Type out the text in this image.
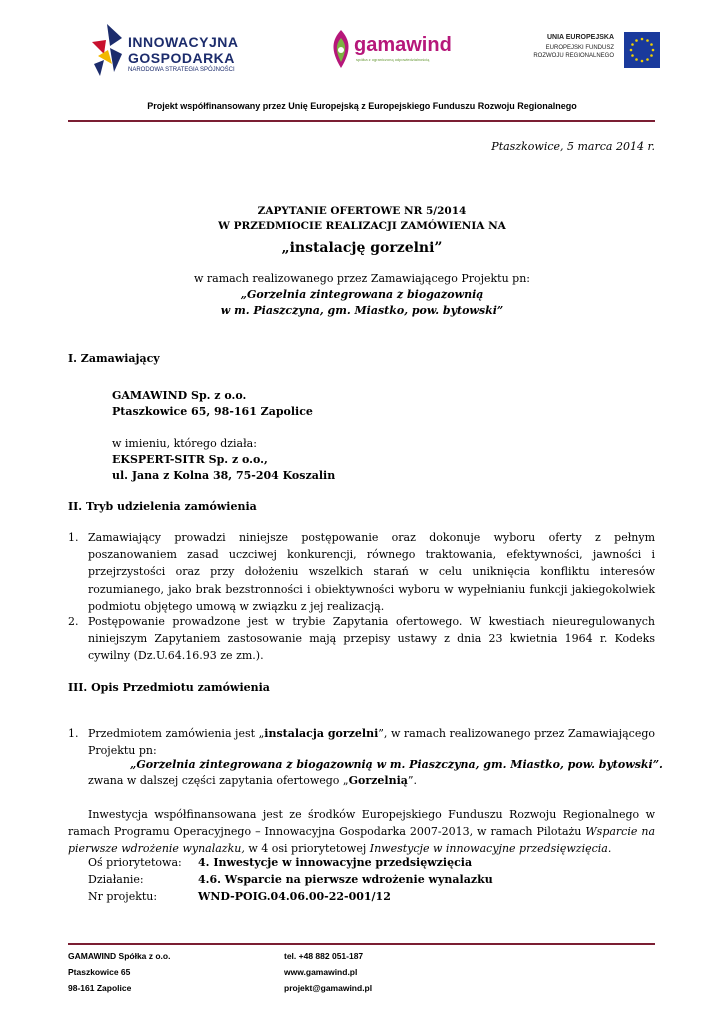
INNOWACYJNA
GOSPODARKA
NARODOWA STRATEGIA SPÓJNOŚCI
gamawind
spółka z ograniczoną odpowiedzialnością
UNIA EUROPEJSKA
EUROPEJSKI FUNDUSZ
ROZWOJU REGIONALNEGO
Projekt współfinansowany przez Unię Europejską z Europejskiego Funduszu Rozwoju Regionalnego
Ptaszkowice, 5 marca 2014 r.
ZAPYTANIE OFERTOWE NR 5/2014
W PRZEDMIOCIE REALIZACJI ZAMÓWIENIA NA
„instalację gorzelni”
w ramach realizowanego przez Zamawiającego Projektu pn:
„Gorzelnia zintegrowana z biogazownią
w m. Piaszczyna, gm. Miastko, pow. bytowski”
I. Zamawiający
GAMAWIND Sp. z o.o.
Ptaszkowice 65, 98-161 Zapolice
w imieniu, którego działa:
EKSPERT-SITR Sp. z o.o.,
ul. Jana z Kolna 38, 75-204 Koszalin
II. Tryb udzielenia zamówienia
1. Zamawiający prowadzi niniejsze postępowanie oraz dokonuje wyboru oferty z pełnym poszanowaniem zasad uczciwej konkurencji, równego traktowania, efektywności, jawności i przejrzystości oraz przy dołożeniu wszelkich starań w celu uniknięcia konfliktu interesów rozumianego, jako brak bezstronności i obiektywności wyboru w wypełnianiu funkcji jakiegokolwiek podmiotu objętego umową w związku z jej realizacją.
2. Postępowanie prowadzone jest w trybie Zapytania ofertowego. W kwestiach nieuregulowanych niniejszym Zapytaniem zastosowanie mają przepisy ustawy z dnia 23 kwietnia 1964 r. Kodeks cywilny (Dz.U.64.16.93 ze zm.).
III. Opis Przedmiotu zamówienia
1. Przedmiotem zamówienia jest „instalacja gorzelni”, w ramach realizowanego przez Zamawiającego Projektu pn:
„Gorzelnia zintegrowana z biogazownią w m. Piaszczyna, gm. Miastko, pow. bytowski”.
zwana w dalszej części zapytania ofertowego „Gorzelnią”.
Inwestycja współfinansowana jest ze środków Europejskiego Funduszu Rozwoju Regionalnego w ramach Programu Operacyjnego – Innowacyjna Gospodarka 2007-2013, w ramach Pilotażu Wsparcie na pierwsze wdrożenie wynalazku, w 4 osi priorytetowej Inwestycje w innowacyjne przedsięwzięcia.
Oś priorytetowa: 4. Inwestycje w innowacyjne przedsięwzięcia
Działanie:	4.6. Wsparcie na pierwsze wdrożenie wynalazku
Nr projektu:	WND-POIG.04.06.00-22-001/12
GAMAWIND Spółka z o.o.
Ptaszkowice 65
98-161 Zapolice
tel. +48 882 051-187
www.gamawind.pl
projekt@gamawind.pl
